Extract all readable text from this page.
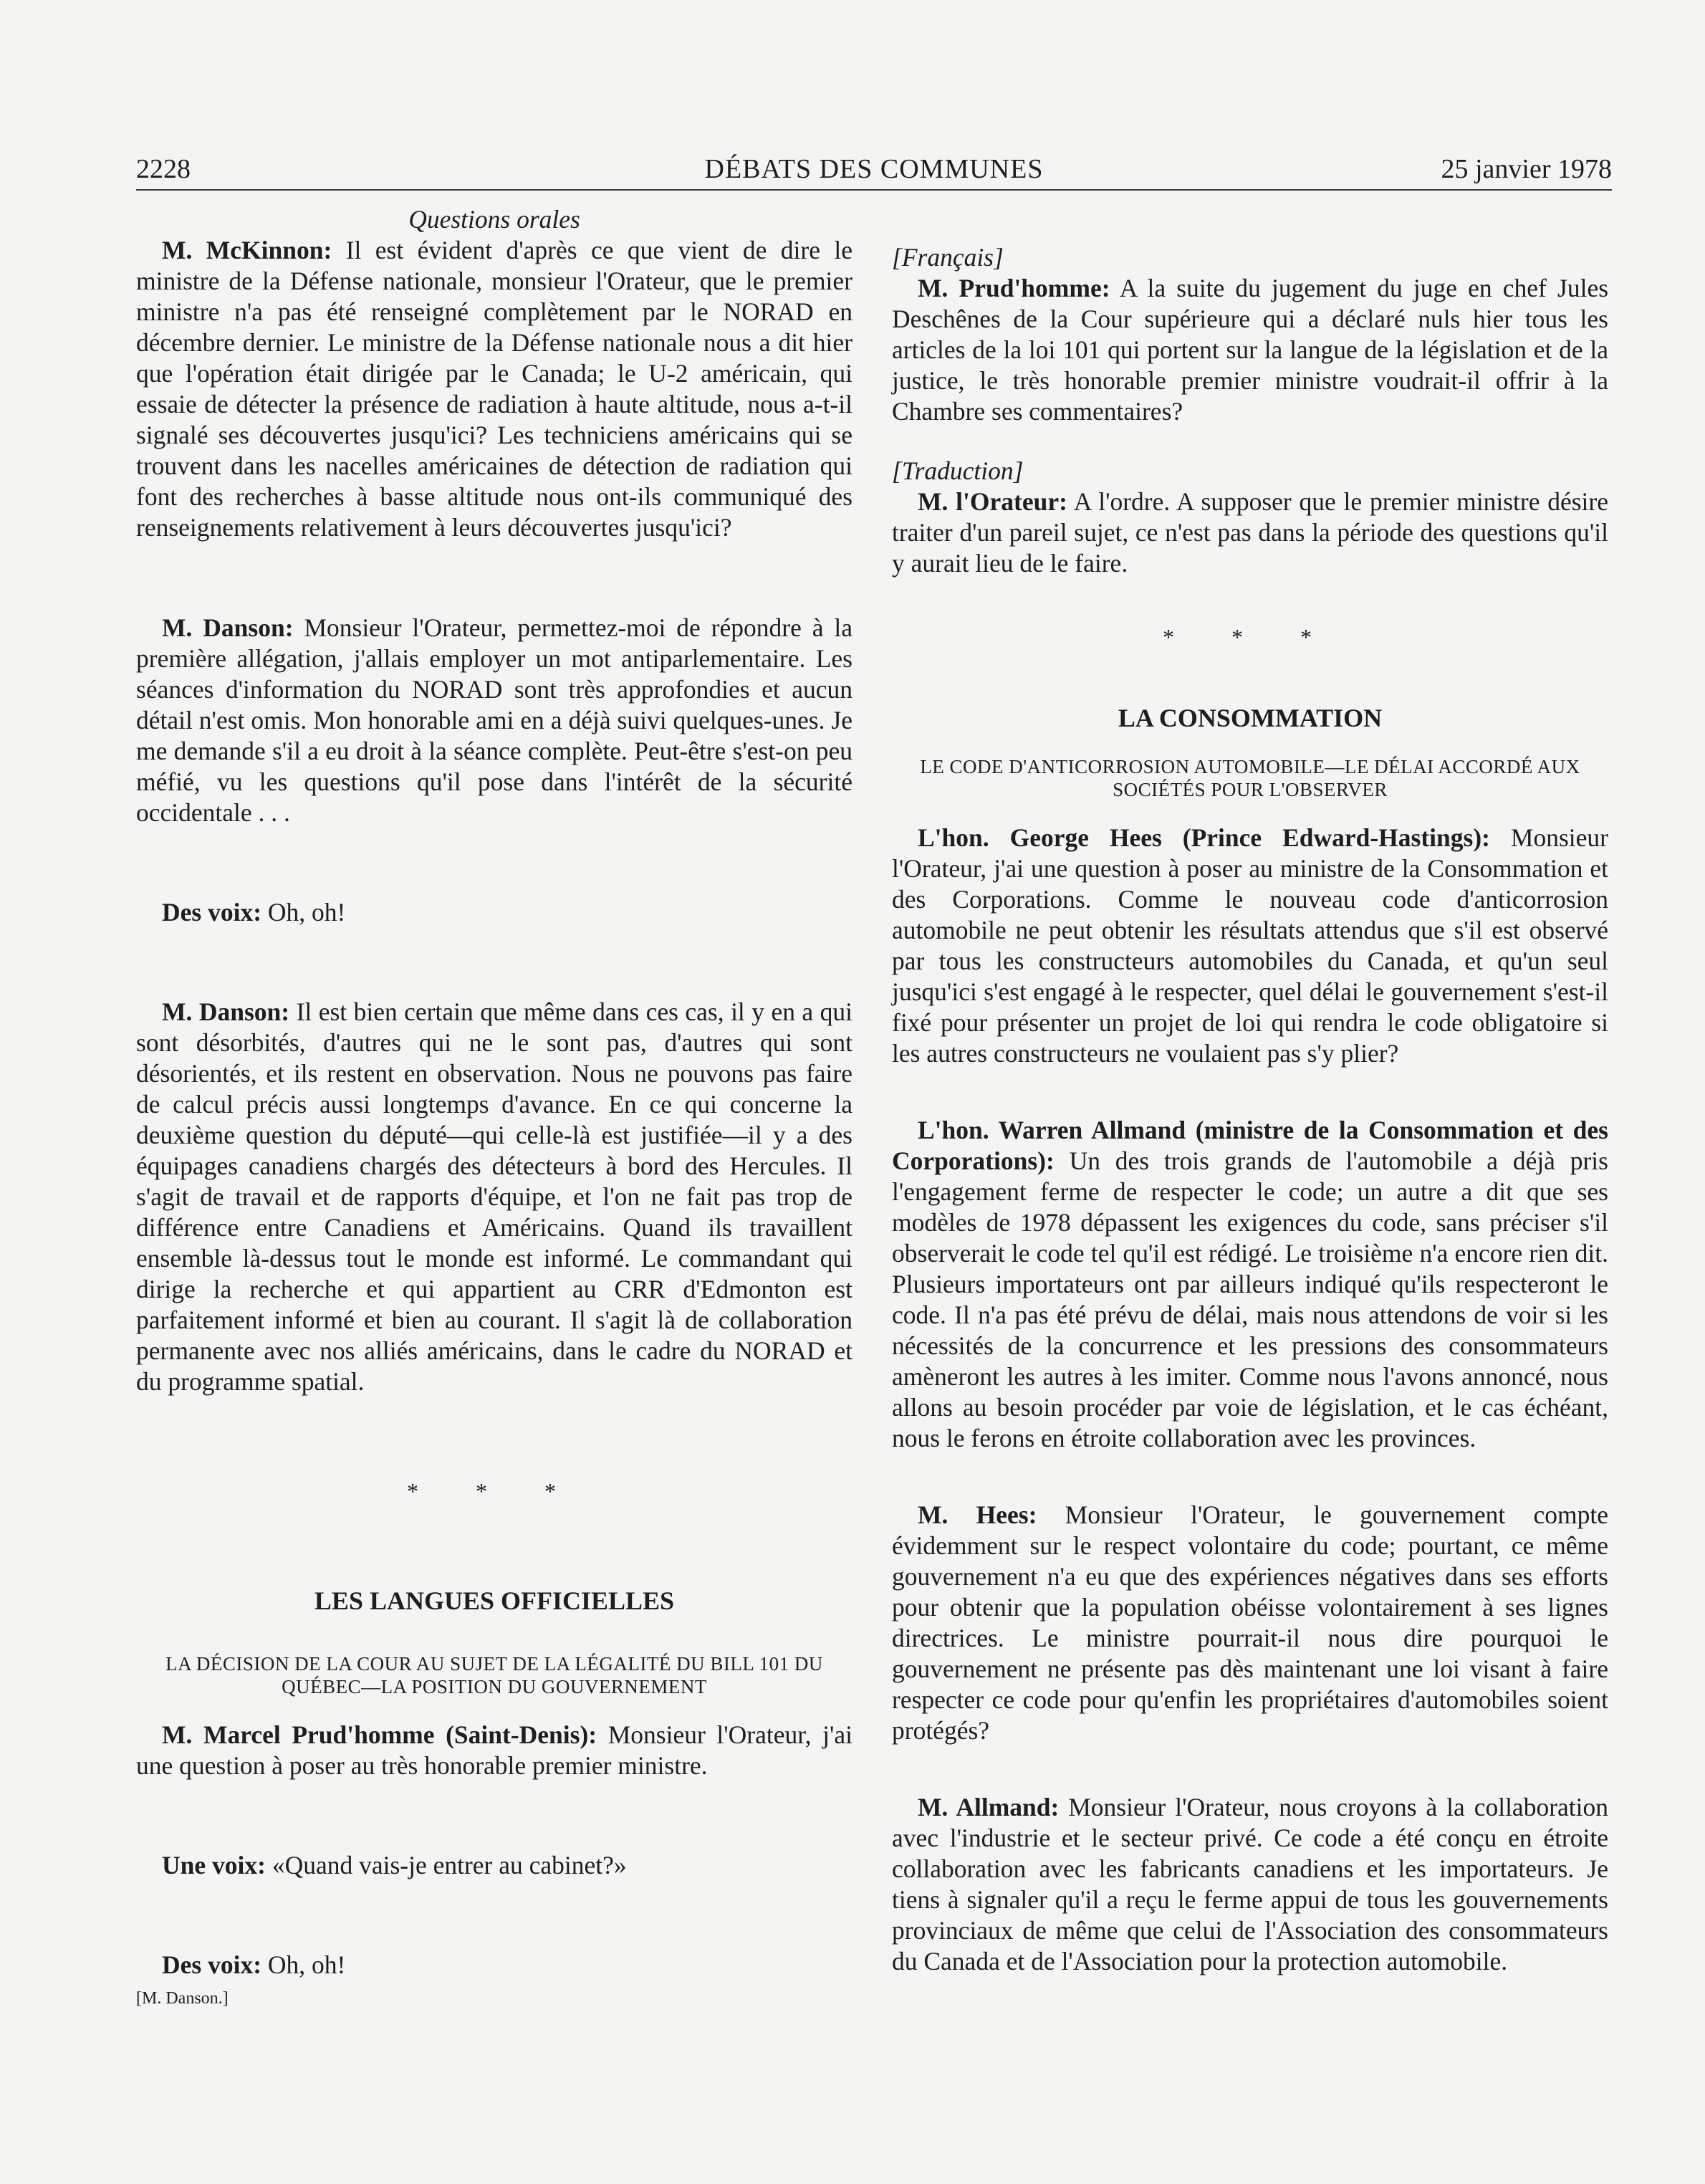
2228	DÉBATS DES COMMUNES	25 janvier 1978

Questions orales

M. McKinnon: Il est évident d'après ce que vient de dire le ministre de la Défense nationale, monsieur l'Orateur, que le premier ministre n'a pas été renseigné complètement par le NORAD en décembre dernier. Le ministre de la Défense nationale nous a dit hier que l'opération était dirigée par le Canada; le U-2 américain, qui essaie de détecter la présence de radiation à haute altitude, nous a-t-il signalé ses découvertes jusqu'ici? Les techniciens américains qui se trouvent dans les nacelles américaines de détection de radiation qui font des recherches à basse altitude nous ont-ils communiqué des renseignements relativement à leurs découvertes jusqu'ici?

M. Danson: Monsieur l'Orateur, permettez-moi de répondre à la première allégation, j'allais employer un mot antiparlementaire. Les séances d'information du NORAD sont très approfondies et aucun détail n'est omis. Mon honorable ami en a déjà suivi quelques-unes. Je me demande s'il a eu droit à la séance complète. Peut-être s'est-on peu méfié, vu les questions qu'il pose dans l'intérêt de la sécurité occidentale . . .

Des voix: Oh, oh!

M. Danson: Il est bien certain que même dans ces cas, il y en a qui sont désorbités, d'autres qui ne le sont pas, d'autres qui sont désorientés, et ils restent en observation. Nous ne pouvons pas faire de calcul précis aussi longtemps d'avance. En ce qui concerne la deuxième question du député—qui celle-là est justifiée—il y a des équipages canadiens chargés des détecteurs à bord des Hercules. Il s'agit de travail et de rapports d'équipe, et l'on ne fait pas trop de différence entre Canadiens et Américains. Quand ils travaillent ensemble là-dessus tout le monde est informé. Le commandant qui dirige la recherche et qui appartient au CRR d'Edmonton est parfaitement informé et bien au courant. Il s'agit là de collaboration permanente avec nos alliés américains, dans le cadre du NORAD et du programme spatial.

* * *

LES LANGUES OFFICIELLES

LA DÉCISION DE LA COUR AU SUJET DE LA LÉGALITÉ DU BILL 101 DU QUÉBEC—LA POSITION DU GOUVERNEMENT

M. Marcel Prud'homme (Saint-Denis): Monsieur l'Orateur, j'ai une question à poser au très honorable premier ministre.

Une voix: «Quand vais-je entrer au cabinet?»

Des voix: Oh, oh!

[M. Danson.]

[Français]

M. Prud'homme: A la suite du jugement du juge en chef Jules Deschênes de la Cour supérieure qui a déclaré nuls hier tous les articles de la loi 101 qui portent sur la langue de la législation et de la justice, le très honorable premier ministre voudrait-il offrir à la Chambre ses commentaires?

[Traduction]

M. l'Orateur: A l'ordre. A supposer que le premier ministre désire traiter d'un pareil sujet, ce n'est pas dans la période des questions qu'il y aurait lieu de le faire.

* * *

LA CONSOMMATION

LE CODE D'ANTICORROSION AUTOMOBILE—LE DÉLAI ACCORDÉ AUX SOCIÉTÉS POUR L'OBSERVER

L'hon. George Hees (Prince Edward-Hastings): Monsieur l'Orateur, j'ai une question à poser au ministre de la Consommation et des Corporations. Comme le nouveau code d'anticorrosion automobile ne peut obtenir les résultats attendus que s'il est observé par tous les constructeurs automobiles du Canada, et qu'un seul jusqu'ici s'est engagé à le respecter, quel délai le gouvernement s'est-il fixé pour présenter un projet de loi qui rendra le code obligatoire si les autres constructeurs ne voulaient pas s'y plier?

L'hon. Warren Allmand (ministre de la Consommation et des Corporations): Un des trois grands de l'automobile a déjà pris l'engagement ferme de respecter le code; un autre a dit que ses modèles de 1978 dépassent les exigences du code, sans préciser s'il observerait le code tel qu'il est rédigé. Le troisième n'a encore rien dit. Plusieurs importateurs ont par ailleurs indiqué qu'ils respecteront le code. Il n'a pas été prévu de délai, mais nous attendons de voir si les nécessités de la concurrence et les pressions des consommateurs amèneront les autres à les imiter. Comme nous l'avons annoncé, nous allons au besoin procéder par voie de législation, et le cas échéant, nous le ferons en étroite collaboration avec les provinces.

M. Hees: Monsieur l'Orateur, le gouvernement compte évidemment sur le respect volontaire du code; pourtant, ce même gouvernement n'a eu que des expériences négatives dans ses efforts pour obtenir que la population obéisse volontairement à ses lignes directrices. Le ministre pourrait-il nous dire pourquoi le gouvernement ne présente pas dès maintenant une loi visant à faire respecter ce code pour qu'enfin les propriétaires d'automobiles soient protégés?

M. Allmand: Monsieur l'Orateur, nous croyons à la collaboration avec l'industrie et le secteur privé. Ce code a été conçu en étroite collaboration avec les fabricants canadiens et les importateurs. Je tiens à signaler qu'il a reçu le ferme appui de tous les gouvernements provinciaux de même que celui de l'Association des consommateurs du Canada et de l'Association pour la protection automobile.
